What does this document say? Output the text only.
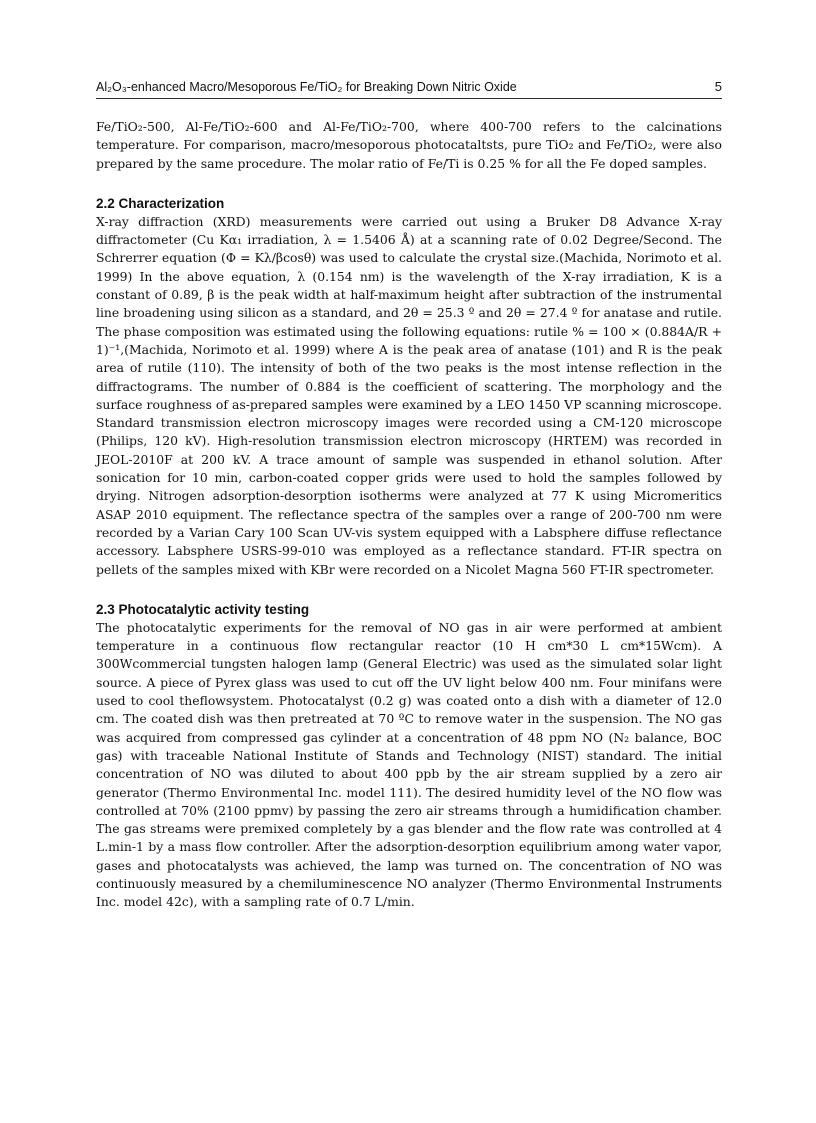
Al₂O₃-enhanced Macro/Mesoporous Fe/TiO₂ for Breaking Down Nitric Oxide	5

Fe/TiO₂-500, Al-Fe/TiO₂-600 and Al-Fe/TiO₂-700, where 400-700 refers to the calcinations temperature. For comparison, macro/mesoporous photocataltsts, pure TiO₂ and Fe/TiO₂, were also prepared by the same procedure. The molar ratio of Fe/Ti is 0.25 % for all the Fe doped samples.

2.2 Characterization

X-ray diffraction (XRD) measurements were carried out using a Bruker D8 Advance X-ray diffractometer (Cu Kα₁ irradiation, λ = 1.5406 Å) at a scanning rate of 0.02 Degree/Second. The Schrerrer equation (Φ = Kλ/βcosθ) was used to calculate the crystal size.(Machida, Norimoto et al. 1999) In the above equation, λ (0.154 nm) is the wavelength of the X-ray irradiation, K is a constant of 0.89, β is the peak width at half-maximum height after subtraction of the instrumental line broadening using silicon as a standard, and 2θ = 25.3 º and 2θ = 27.4 º for anatase and rutile. The phase composition was estimated using the following equations: rutile % = 100 × (0.884A/R + 1)⁻¹,(Machida, Norimoto et al. 1999) where A is the peak area of anatase (101) and R is the peak area of rutile (110). The intensity of both of the two peaks is the most intense reflection in the diffractograms. The number of 0.884 is the coefficient of scattering. The morphology and the surface roughness of as-prepared samples were examined by a LEO 1450 VP scanning microscope. Standard transmission electron microscopy images were recorded using a CM-120 microscope (Philips, 120 kV). High-resolution transmission electron microscopy (HRTEM) was recorded in JEOL-2010F at 200 kV. A trace amount of sample was suspended in ethanol solution. After sonication for 10 min, carbon-coated copper grids were used to hold the samples followed by drying. Nitrogen adsorption-desorption isotherms were analyzed at 77 K using Micromeritics ASAP 2010 equipment. The reflectance spectra of the samples over a range of 200-700 nm were recorded by a Varian Cary 100 Scan UV-vis system equipped with a Labsphere diffuse reflectance accessory. Labsphere USRS-99-010 was employed as a reflectance standard. FT-IR spectra on pellets of the samples mixed with KBr were recorded on a Nicolet Magna 560 FT-IR spectrometer.

2.3 Photocatalytic activity testing

The photocatalytic experiments for the removal of NO gas in air were performed at ambient temperature in a continuous flow rectangular reactor (10 H cm*30 L cm*15Wcm). A 300Wcommercial tungsten halogen lamp (General Electric) was used as the simulated solar light source. A piece of Pyrex glass was used to cut off the UV light below 400 nm. Four minifans were used to cool theflowsystem. Photocatalyst (0.2 g) was coated onto a dish with a diameter of 12.0 cm. The coated dish was then pretreated at 70 ºC to remove water in the suspension. The NO gas was acquired from compressed gas cylinder at a concentration of 48 ppm NO (N₂ balance, BOC gas) with traceable National Institute of Stands and Technology (NIST) standard. The initial concentration of NO was diluted to about 400 ppb by the air stream supplied by a zero air generator (Thermo Environmental Inc. model 111). The desired humidity level of the NO flow was controlled at 70% (2100 ppmv) by passing the zero air streams through a humidification chamber. The gas streams were premixed completely by a gas blender and the flow rate was controlled at 4 L.min-1 by a mass flow controller. After the adsorption-desorption equilibrium among water vapor, gases and photocatalysts was achieved, the lamp was turned on. The concentration of NO was continuously measured by a chemiluminescence NO analyzer (Thermo Environmental Instruments Inc. model 42c), with a sampling rate of 0.7 L/min.
